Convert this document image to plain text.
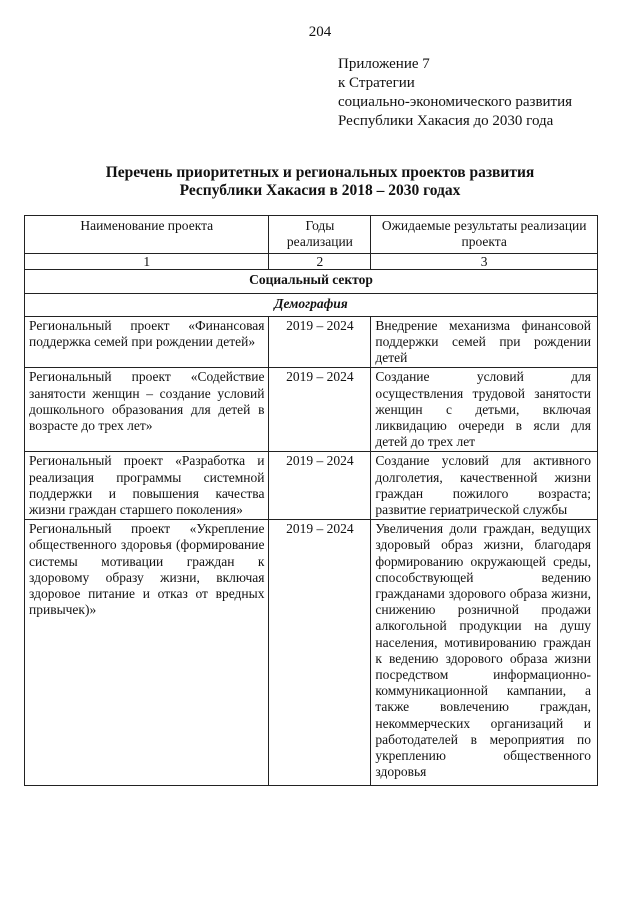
204
Приложение 7
к Стратегии
социально-экономического развития
Республики Хакасия до 2030 года
Перечень приоритетных и региональных проектов развития
Республики Хакасия в 2018 – 2030 годах
Наименование проекта	Годы реализации	Ожидаемые результаты реализации проекта
1	2	3
Социальный сектор		
Демография		
Региональный проект «Финансовая поддержка семей при рождении детей»	2019 – 2024	Внедрение механизма финансовой поддержки семей при рождении детей
Региональный проект «Содействие занятости женщин – создание условий дошкольного образования для детей в возрасте до трех лет»	2019 – 2024	Создание условий для осуществления трудовой занятости женщин с детьми, включая ликвидацию очереди в ясли для детей до трех лет
Региональный проект «Разработка и реализация программы системной поддержки и повышения качества жизни граждан старшего поколения»	2019 – 2024	Создание условий для активного долголетия, качественной жизни граждан пожилого возраста; развитие гериатрической службы
Региональный проект «Укрепление общественного здоровья (формирование системы мотивации граждан к здоровому образу жизни, включая здоровое питание и отказ от вредных привычек)»	2019 – 2024	Увеличения доли граждан, ведущих здоровый образ жизни, благодаря формированию окружающей среды, способствующей ведению гражданами здорового образа жизни, снижению розничной продажи алкогольной продукции на душу населения, мотивированию граждан к ведению здорового образа жизни посредством информационно-коммуникационной кампании, а также вовлечению граждан, некоммерческих организаций и работодателей в мероприятия по укреплению общественного здоровья
